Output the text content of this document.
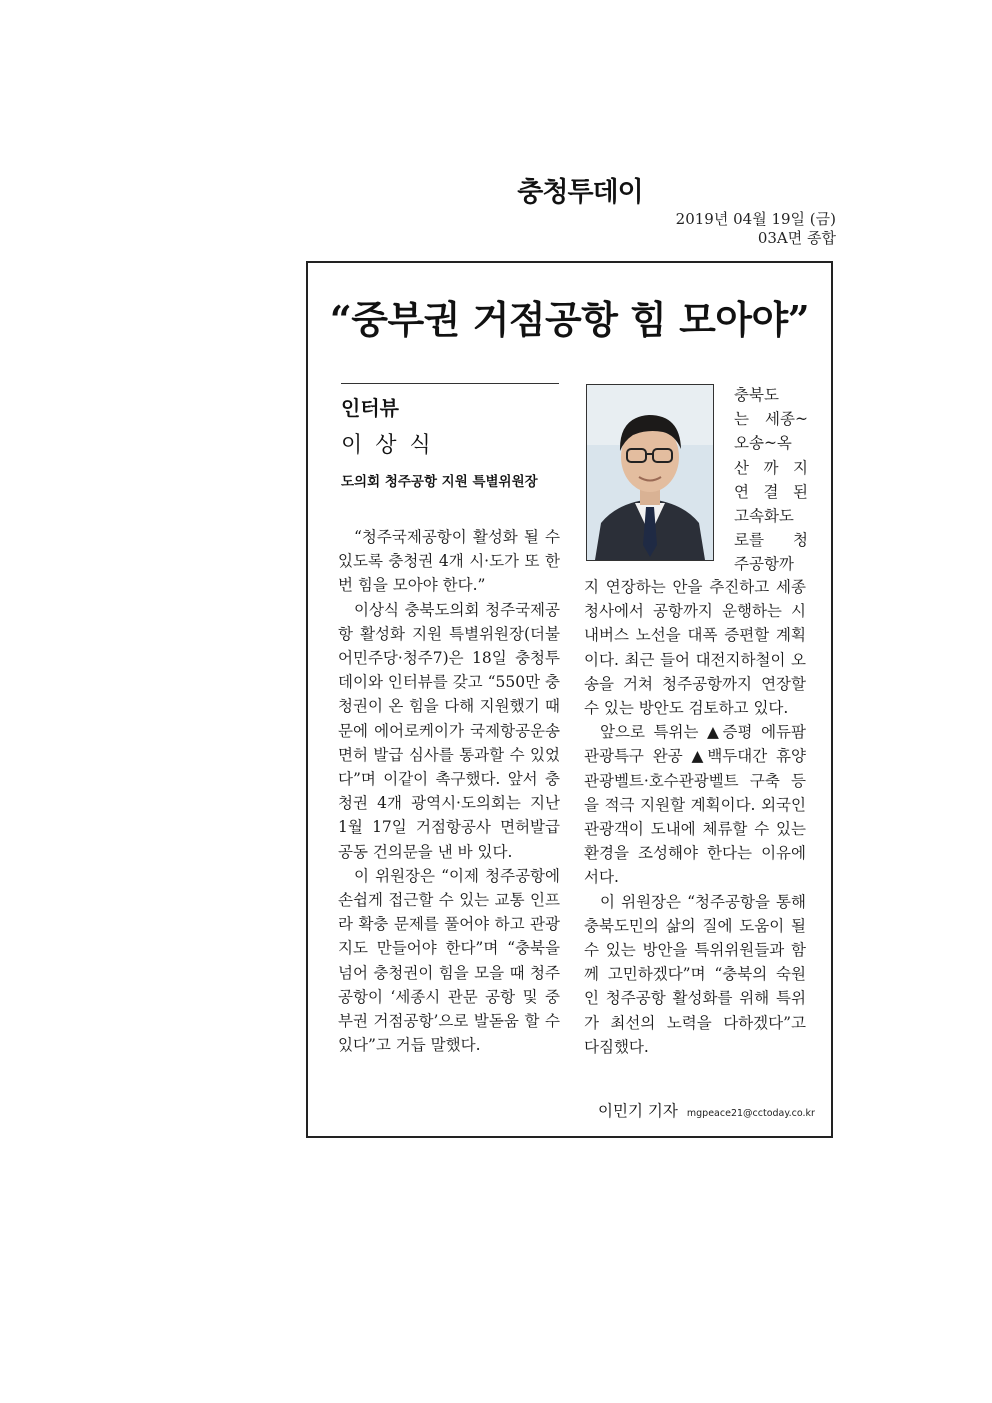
충청투데이
2019년 04월 19일 (금)
03A면 종합
“중부권 거점공항 힘 모아야”
인터뷰
이 상 식
도의회 청주공항 지원 특별위원장
충북도
는 세종~
오송~옥
산 까 지
연 결 된
고속화도
로를 청
주공항까

“청주국제공항이 활성화 될 수 있도록 충청권 4개 시·도가 또 한번 힘을 모아야 한다.”

이상식 충북도의회 청주국제공항 활성화 지원 특별위원장(더불어민주당·청주7)은 18일 충청투데이와 인터뷰를 갖고 “550만 충청권이 온 힘을 다해 지원했기 때문에 에어로케이가 국제항공운송면허 발급 심사를 통과할 수 있었다”며 이같이 촉구했다. 앞서 충청권 4개 광역시·도의회는 지난 1월 17일 거점항공사 면허발급 공동 건의문을 낸 바 있다.

이 위원장은 “이제 청주공항에 손쉽게 접근할 수 있는 교통 인프라 확충 문제를 풀어야 하고 관광지도 만들어야 한다”며 “충북을 넘어 충청권이 힘을 모을 때 청주공항이 ‘세종시 관문 공항 및 중부권 거점공항’으로 발돋움 할 수 있다”고 거듭 말했다.

지 연장하는 안을 추진하고 세종청사에서 공항까지 운행하는 시내버스 노선을 대폭 증편할 계획이다. 최근 들어 대전지하철이 오송을 거쳐 청주공항까지 연장할 수 있는 방안도 검토하고 있다.

앞으로 특위는 ▲증평 에듀팜 관광특구 완공 ▲백두대간 휴양 관광벨트·호수관광벨트 구축 등을 적극 지원할 계획이다. 외국인 관광객이 도내에 체류할 수 있는 환경을 조성해야 한다는 이유에서다.

이 위원장은 “청주공항을 통해 충북도민의 삶의 질에 도움이 될 수 있는 방안을 특위위원들과 함께 고민하겠다”며 “충북의 숙원인 청주공항 활성화를 위해 특위가 최선의 노력을 다하겠다”고 다짐했다.

이민기 기자 mgpeace21@cctoday.co.kr
